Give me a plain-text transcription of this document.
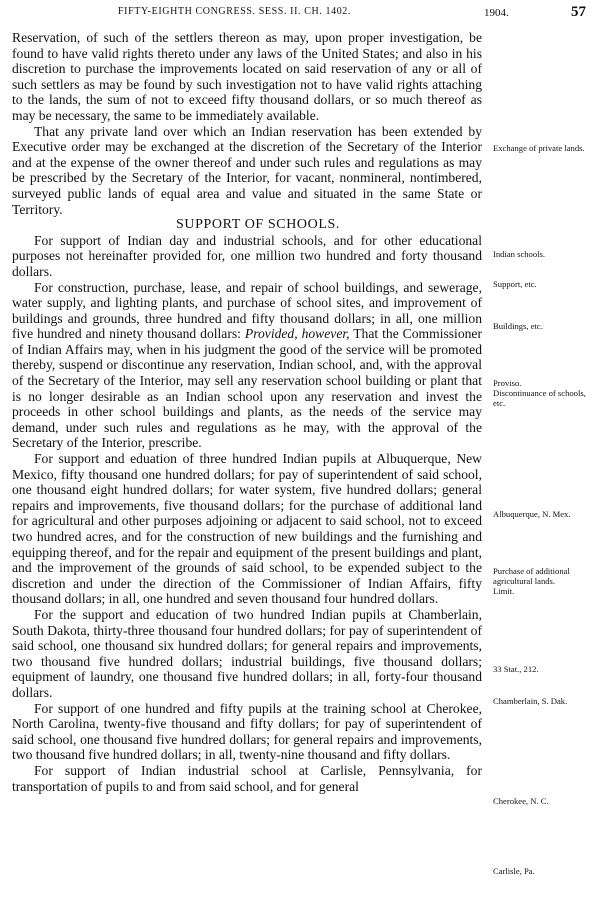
FIFTY-EIGHTH CONGRESS. SESS. II. CH. 1402.	1904.	57

Reservation, of such of the settlers thereon as may, upon proper investigation, be found to have valid rights thereto under any laws of the United States; and also in his discretion to purchase the improvements located on said reservation of any or all of such settlers as may be found by such investigation not to have valid rights attaching to the lands, the sum of not to exceed fifty thousand dollars, or so much thereof as may be necessary, the same to be immediately available.

That any private land over which an Indian reservation has been extended by Executive order may be exchanged at the discretion of the Secretary of the Interior and at the expense of the owner thereof and under such rules and regulations as may be prescribed by the Secretary of the Interior, for vacant, nonmineral, nontimbered, surveyed public lands of equal area and value and situated in the same State or Territory.

SUPPORT OF SCHOOLS.

For support of Indian day and industrial schools, and for other educational purposes not hereinafter provided for, one million two hundred and forty thousand dollars.

For construction, purchase, lease, and repair of school buildings, and sewerage, water supply, and lighting plants, and purchase of school sites, and improvement of buildings and grounds, three hundred and fifty thousand dollars; in all, one million five hundred and ninety thousand dollars: Provided, however, That the Commissioner of Indian Affairs may, when in his judgment the good of the service will be promoted thereby, suspend or discontinue any reservation, Indian school, and, with the approval of the Secretary of the Interior, may sell any reservation school building or plant that is no longer desirable as an Indian school upon any reservation and invest the proceeds in other school buildings and plants, as the needs of the service may demand, under such rules and regulations as he may, with the approval of the Secretary of the Interior, prescribe.

For support and eduation of three hundred Indian pupils at Albuquerque, New Mexico, fifty thousand one hundred dollars; for pay of superintendent of said school, one thousand eight hundred dollars; for water system, five hundred dollars; general repairs and improvements, five thousand dollars; for the purchase of additional land for agricultural and other purposes adjoining or adjacent to said school, not to exceed two hundred acres, and for the construction of new buildings and the furnishing and equipping thereof, and for the repair and equipment of the present buildings and plant, and the improvement of the grounds of said school, to be expended subject to the discretion and under the direction of the Commissioner of Indian Affairs, fifty thousand dollars; in all, one hundred and seven thousand four hundred dollars.

For the support and education of two hundred Indian pupils at Chamberlain, South Dakota, thirty-three thousand four hundred dollars; for pay of superintendent of said school, one thousand six hundred dollars; for general repairs and improvements, two thousand five hundred dollars; industrial buildings, five thousand dollars; equipment of laundry, one thousand five hundred dollars; in all, forty-four thousand dollars.

For support of one hundred and fifty pupils at the training school at Cherokee, North Carolina, twenty-five thousand and fifty dollars; for pay of superintendent of said school, one thousand five hundred dollars; for general repairs and improvements, two thousand five hundred dollars; in all, twenty-nine thousand and fifty dollars.

For support of Indian industrial school at Carlisle, Pennsylvania, for transportation of pupils to and from said school, and for general

Exchange of private lands.
Indian schools.
Support, etc.
Buildings, etc.
Proviso.
Discontinuance of schools, etc.
Albuquerque, N. Mex.
Purchase of additional agricultural lands.
Limit.
33 Stat., 212.
Chamberlain, S. Dak.
Cherokee, N. C.
Carlisle, Pa.
